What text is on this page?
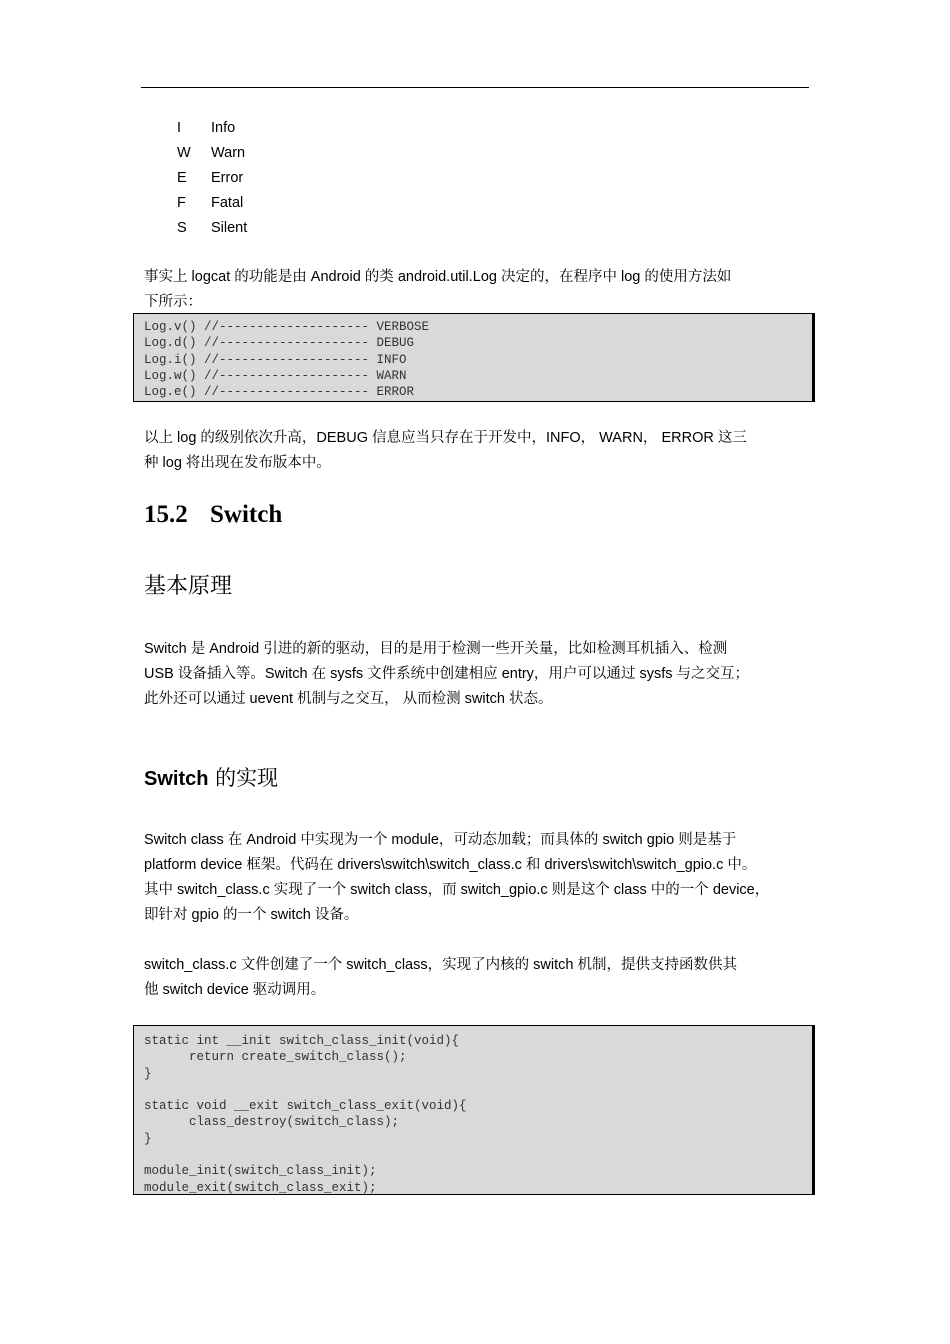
I	Info
W	Warn
E	Error
F	Fatal
S	Silent
事实上 logcat 的功能是由 Android 的类 android.util.Log 决定的，在程序中 log 的使用方法如
下所示：
Log.v() //-------------------- VERBOSE
Log.d() //-------------------- DEBUG
Log.i() //-------------------- INFO
Log.w() //-------------------- WARN
Log.e() //-------------------- ERROR
以上 log 的级别依次升高，DEBUG 信息应当只存在于开发中，INFO， WARN， ERROR 这三
种 log 将出现在发布版本中。
15.2 Switch
基本原理
Switch 是 Android 引进的新的驱动，目的是用于检测一些开关量，比如检测耳机插入、检测
USB 设备插入等。Switch 在 sysfs 文件系统中创建相应 entry，用户可以通过 sysfs 与之交互；
此外还可以通过 uevent 机制与之交互， 从而检测 switch 状态。
Switch 的实现
Switch class 在 Android 中实现为一个 module，可动态加载；而具体的 switch gpio 则是基于
platform device 框架。代码在 drivers\switch\switch_class.c 和 drivers\switch\switch_gpio.c 中。
其中 switch_class.c 实现了一个 switch class，而 switch_gpio.c 则是这个 class 中的一个 device，
即针对 gpio 的一个 switch 设备。
switch_class.c 文件创建了一个 switch_class，实现了内核的 switch 机制，提供支持函数供其
他 switch device 驱动调用。
static int __init switch_class_init(void){
return create_switch_class();
}
static void __exit switch_class_exit(void){
class_destroy(switch_class);
}
module_init(switch_class_init);
module_exit(switch_class_exit);
